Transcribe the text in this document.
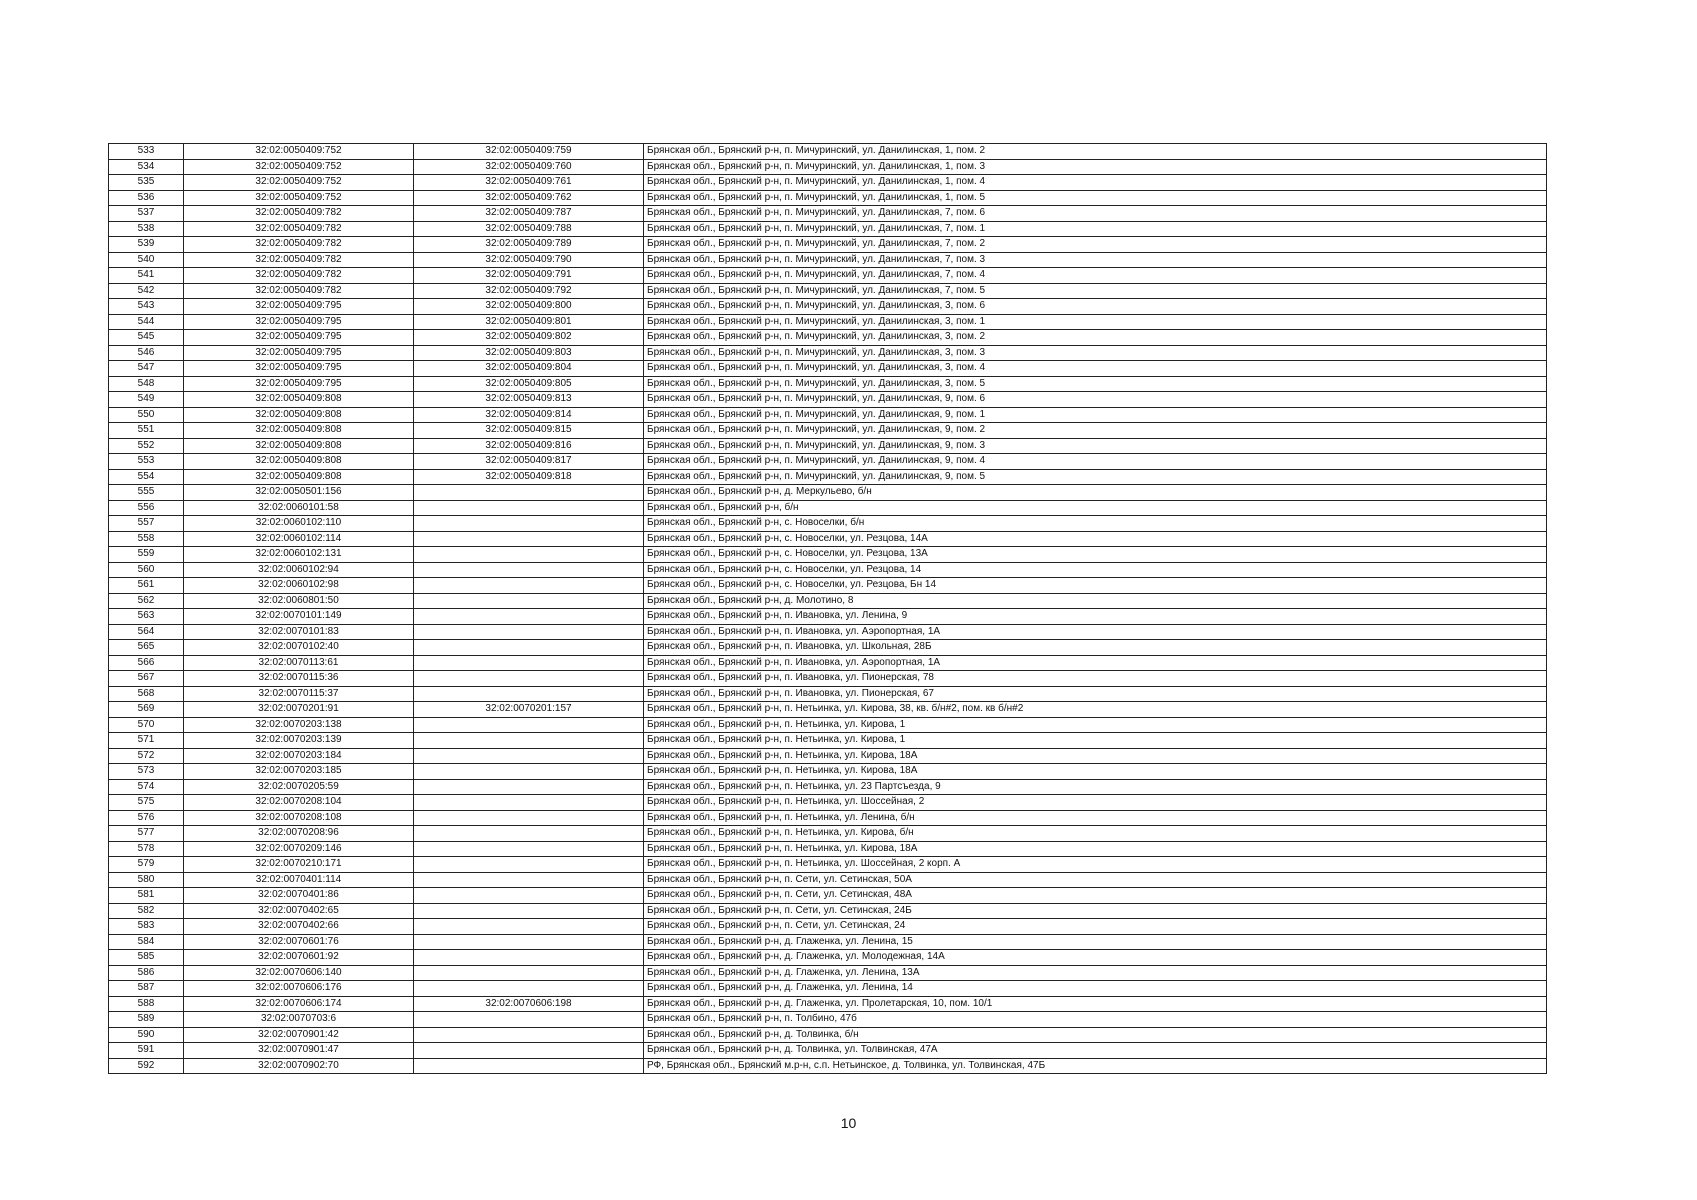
533	32:02:0050409:752	32:02:0050409:759	Брянская обл., Брянский р-н, п. Мичуринский, ул. Данилинская, 1, пом. 2
534	32:02:0050409:752	32:02:0050409:760	Брянская обл., Брянский р-н, п. Мичуринский, ул. Данилинская, 1, пом. 3
535	32:02:0050409:752	32:02:0050409:761	Брянская обл., Брянский р-н, п. Мичуринский, ул. Данилинская, 1, пом. 4
536	32:02:0050409:752	32:02:0050409:762	Брянская обл., Брянский р-н, п. Мичуринский, ул. Данилинская, 1, пом. 5
537	32:02:0050409:782	32:02:0050409:787	Брянская обл., Брянский р-н, п. Мичуринский, ул. Данилинская, 7, пом. 6
538	32:02:0050409:782	32:02:0050409:788	Брянская обл., Брянский р-н, п. Мичуринский, ул. Данилинская, 7, пом. 1
539	32:02:0050409:782	32:02:0050409:789	Брянская обл., Брянский р-н, п. Мичуринский, ул. Данилинская, 7, пом. 2
540	32:02:0050409:782	32:02:0050409:790	Брянская обл., Брянский р-н, п. Мичуринский, ул. Данилинская, 7, пом. 3
541	32:02:0050409:782	32:02:0050409:791	Брянская обл., Брянский р-н, п. Мичуринский, ул. Данилинская, 7, пом. 4
542	32:02:0050409:782	32:02:0050409:792	Брянская обл., Брянский р-н, п. Мичуринский, ул. Данилинская, 7, пом. 5
543	32:02:0050409:795	32:02:0050409:800	Брянская обл., Брянский р-н, п. Мичуринский, ул. Данилинская, 3, пом. 6
544	32:02:0050409:795	32:02:0050409:801	Брянская обл., Брянский р-н, п. Мичуринский, ул. Данилинская, 3, пом. 1
545	32:02:0050409:795	32:02:0050409:802	Брянская обл., Брянский р-н, п. Мичуринский, ул. Данилинская, 3, пом. 2
546	32:02:0050409:795	32:02:0050409:803	Брянская обл., Брянский р-н, п. Мичуринский, ул. Данилинская, 3, пом. 3
547	32:02:0050409:795	32:02:0050409:804	Брянская обл., Брянский р-н, п. Мичуринский, ул. Данилинская, 3, пом. 4
548	32:02:0050409:795	32:02:0050409:805	Брянская обл., Брянский р-н, п. Мичуринский, ул. Данилинская, 3, пом. 5
549	32:02:0050409:808	32:02:0050409:813	Брянская обл., Брянский р-н, п. Мичуринский, ул. Данилинская, 9, пом. 6
550	32:02:0050409:808	32:02:0050409:814	Брянская обл., Брянский р-н, п. Мичуринский, ул. Данилинская, 9, пом. 1
551	32:02:0050409:808	32:02:0050409:815	Брянская обл., Брянский р-н, п. Мичуринский, ул. Данилинская, 9, пом. 2
552	32:02:0050409:808	32:02:0050409:816	Брянская обл., Брянский р-н, п. Мичуринский, ул. Данилинская, 9, пом. 3
553	32:02:0050409:808	32:02:0050409:817	Брянская обл., Брянский р-н, п. Мичуринский, ул. Данилинская, 9, пом. 4
554	32:02:0050409:808	32:02:0050409:818	Брянская обл., Брянский р-н, п. Мичуринский, ул. Данилинская, 9, пом. 5
555	32:02:0050501:156		Брянская обл., Брянский р-н, д. Меркульево, б/н
556	32:02:0060101:58		Брянская обл., Брянский р-н, б/н
557	32:02:0060102:110		Брянская обл., Брянский р-н, с. Новоселки, б/н
558	32:02:0060102:114		Брянская обл., Брянский р-н, с. Новоселки, ул. Резцова, 14А
559	32:02:0060102:131		Брянская обл., Брянский р-н, с. Новоселки, ул. Резцова, 13А
560	32:02:0060102:94		Брянская обл., Брянский р-н, с. Новоселки, ул. Резцова, 14
561	32:02:0060102:98		Брянская обл., Брянский р-н, с. Новоселки, ул. Резцова, Бн 14
562	32:02:0060801:50		Брянская обл., Брянский р-н, д. Молотино, 8
563	32:02:0070101:149		Брянская обл., Брянский р-н, п. Ивановка, ул. Ленина, 9
564	32:02:0070101:83		Брянская обл., Брянский р-н, п. Ивановка, ул. Аэропортная, 1А
565	32:02:0070102:40		Брянская обл., Брянский р-н, п. Ивановка, ул. Школьная, 28Б
566	32:02:0070113:61		Брянская обл., Брянский р-н, п. Ивановка, ул. Аэропортная, 1А
567	32:02:0070115:36		Брянская обл., Брянский р-н, п. Ивановка, ул. Пионерская, 78
568	32:02:0070115:37		Брянская обл., Брянский р-н, п. Ивановка, ул. Пионерская, 67
569	32:02:0070201:91	32:02:0070201:157	Брянская обл., Брянский р-н, п. Нетьинка, ул. Кирова, 38, кв. б/н#2, пом. кв б/н#2
570	32:02:0070203:138		Брянская обл., Брянский р-н, п. Нетьинка, ул. Кирова, 1
571	32:02:0070203:139		Брянская обл., Брянский р-н, п. Нетьинка, ул. Кирова, 1
572	32:02:0070203:184		Брянская обл., Брянский р-н, п. Нетьинка, ул. Кирова, 18А
573	32:02:0070203:185		Брянская обл., Брянский р-н, п. Нетьинка, ул. Кирова, 18А
574	32:02:0070205:59		Брянская обл., Брянский р-н, п. Нетьинка, ул. 23 Партсъезда, 9
575	32:02:0070208:104		Брянская обл., Брянский р-н, п. Нетьинка, ул. Шоссейная, 2
576	32:02:0070208:108		Брянская обл., Брянский р-н, п. Нетьинка, ул. Ленина, б/н
577	32:02:0070208:96		Брянская обл., Брянский р-н, п. Нетьинка, ул. Кирова, б/н
578	32:02:0070209:146		Брянская обл., Брянский р-н, п. Нетьинка, ул. Кирова, 18А
579	32:02:0070210:171		Брянская обл., Брянский р-н, п. Нетьинка, ул. Шоссейная, 2 корп. А
580	32:02:0070401:114		Брянская обл., Брянский р-н, п. Сети, ул. Сетинская, 50А
581	32:02:0070401:86		Брянская обл., Брянский р-н, п. Сети, ул. Сетинская, 48А
582	32:02:0070402:65		Брянская обл., Брянский р-н, п. Сети, ул. Сетинская, 24Б
583	32:02:0070402:66		Брянская обл., Брянский р-н, п. Сети, ул. Сетинская, 24
584	32:02:0070601:76		Брянская обл., Брянский р-н, д. Глаженка, ул. Ленина, 15
585	32:02:0070601:92		Брянская обл., Брянский р-н, д. Глаженка, ул. Молодежная, 14А
586	32:02:0070606:140		Брянская обл., Брянский р-н, д. Глаженка, ул. Ленина, 13А
587	32:02:0070606:176		Брянская обл., Брянский р-н, д. Глаженка, ул. Ленина, 14
588	32:02:0070606:174	32:02:0070606:198	Брянская обл., Брянский р-н, д. Глаженка, ул. Пролетарская, 10, пом. 10/1
589	32:02:0070703:6		Брянская обл., Брянский р-н, п. Толбино, 47б
590	32:02:0070901:42		Брянская обл., Брянский р-н, д. Толвинка, б/н
591	32:02:0070901:47		Брянская обл., Брянский р-н, д. Толвинка, ул. Толвинская, 47А
592	32:02:0070902:70		РФ, Брянская обл., Брянский м.р-н, с.п. Нетьинское, д. Толвинка, ул. Толвинская, 47Б
10
